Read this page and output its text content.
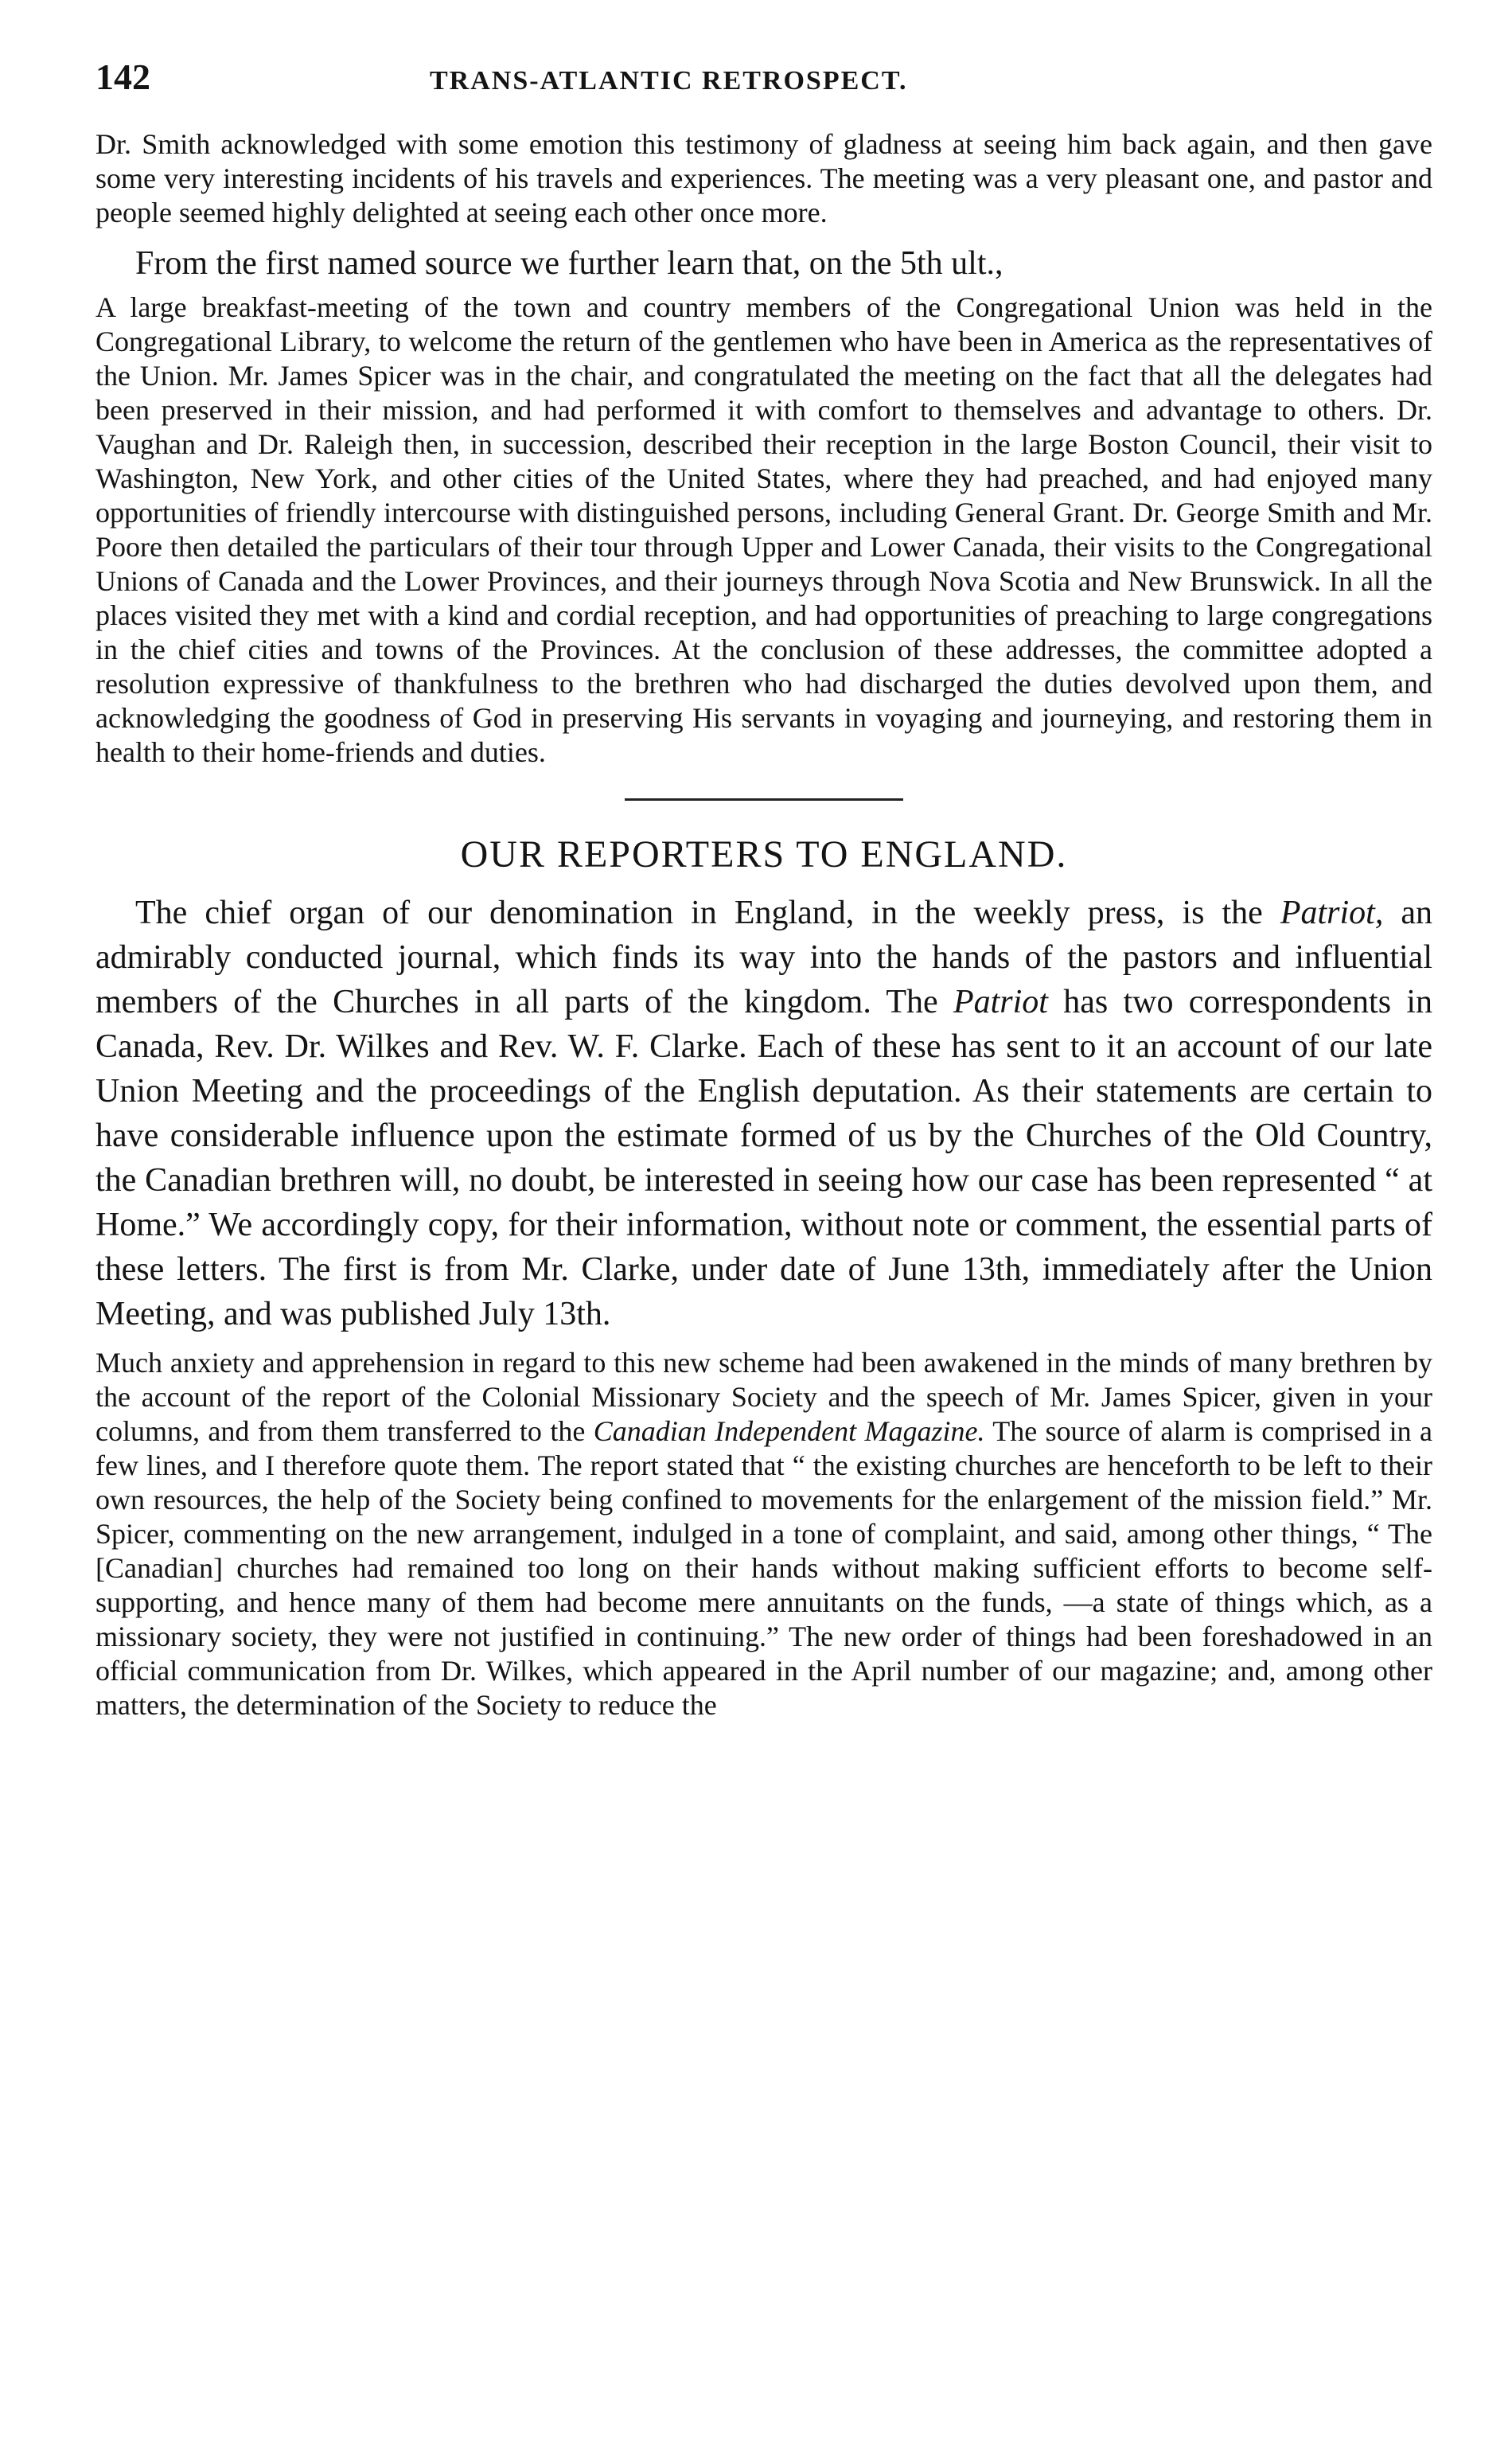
142	TRANS-ATLANTIC RETROSPECT.

Dr. Smith acknowledged with some emotion this testimony of gladness at seeing him back again, and then gave some very interesting incidents of his travels and experiences. The meeting was a very pleasant one, and pastor and people seemed highly delighted at seeing each other once more.

From the first named source we further learn that, on the 5th ult.,

A large breakfast-meeting of the town and country members of the Congregational Union was held in the Congregational Library, to welcome the return of the gentlemen who have been in America as the representatives of the Union. Mr. James Spicer was in the chair, and congratulated the meeting on the fact that all the delegates had been preserved in their mission, and had performed it with comfort to themselves and advantage to others. Dr. Vaughan and Dr. Raleigh then, in succession, described their reception in the large Boston Council, their visit to Washington, New York, and other cities of the United States, where they had preached, and had enjoyed many opportunities of friendly intercourse with distinguished persons, including General Grant. Dr. George Smith and Mr. Poore then detailed the particulars of their tour through Upper and Lower Canada, their visits to the Congregational Unions of Canada and the Lower Provinces, and their journeys through Nova Scotia and New Brunswick. In all the places visited they met with a kind and cordial reception, and had opportunities of preaching to large congregations in the chief cities and towns of the Provinces. At the conclusion of these addresses, the committee adopted a resolution expressive of thankfulness to the brethren who had discharged the duties devolved upon them, and acknowledging the goodness of God in preserving His servants in voyaging and journeying, and restoring them in health to their home-friends and duties.

OUR REPORTERS TO ENGLAND.

The chief organ of our denomination in England, in the weekly press, is the Patriot, an admirably conducted journal, which finds its way into the hands of the pastors and influential members of the Churches in all parts of the kingdom. The Patriot has two correspondents in Canada, Rev. Dr. Wilkes and Rev. W. F. Clarke. Each of these has sent to it an account of our late Union Meeting and the proceedings of the English deputation. As their statements are certain to have considerable influence upon the estimate formed of us by the Churches of the Old Country, the Canadian brethren will, no doubt, be interested in seeing how our case has been represented “ at Home.” We accordingly copy, for their information, without note or comment, the essential parts of these letters. The first is from Mr. Clarke, under date of June 13th, immediately after the Union Meeting, and was published July 13th.

Much anxiety and apprehension in regard to this new scheme had been awakened in the minds of many brethren by the account of the report of the Colonial Missionary Society and the speech of Mr. James Spicer, given in your columns, and from them transferred to the Canadian Independent Magazine. The source of alarm is comprised in a few lines, and I therefore quote them. The report stated that “ the existing churches are henceforth to be left to their own resources, the help of the Society being confined to movements for the enlargement of the mission field.” Mr. Spicer, commenting on the new arrangement, indulged in a tone of complaint, and said, among other things, “ The [Canadian] churches had remained too long on their hands without making sufficient efforts to become self-supporting, and hence many of them had become mere annuitants on the funds, —a state of things which, as a missionary society, they were not justified in continuing.” The new order of things had been foreshadowed in an official communication from Dr. Wilkes, which appeared in the April number of our magazine; and, among other matters, the determination of the Society to reduce the
